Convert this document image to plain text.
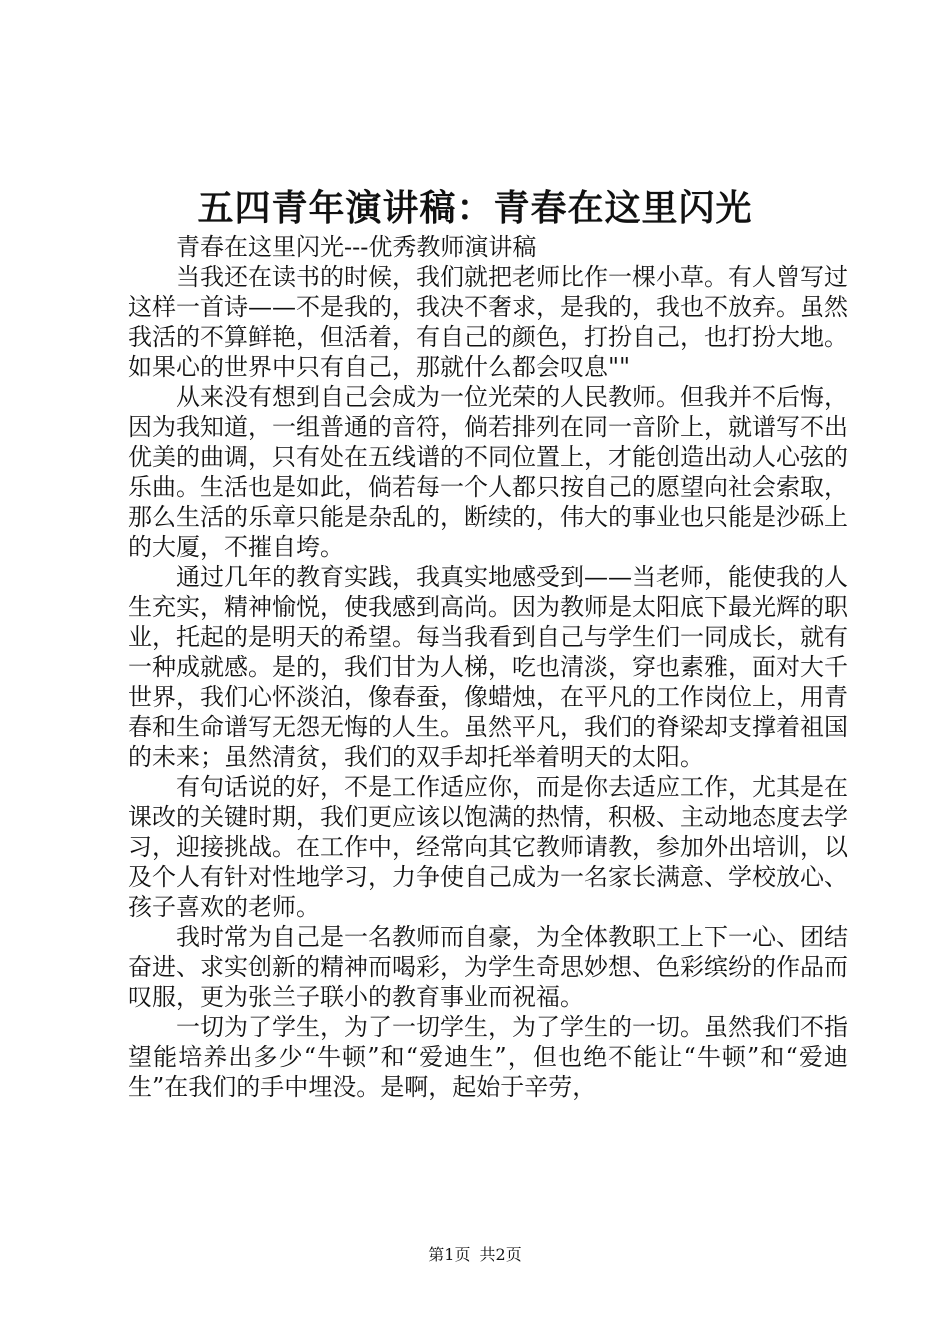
五四青年演讲稿：青春在这里闪光

青春在这里闪光---优秀教师演讲稿

当我还在读书的时候，我们就把老师比作一棵小草。有人曾写过这样一首诗——不是我的，我决不奢求，是我的，我也不放弃。虽然我活的不算鲜艳，但活着，有自己的颜色，打扮自己，也打扮大地。如果心的世界中只有自己，那就什么都会叹息""

从来没有想到自己会成为一位光荣的人民教师。但我并不后悔，因为我知道，一组普通的音符，倘若排列在同一音阶上，就谱写不出优美的曲调，只有处在五线谱的不同位置上，才能创造出动人心弦的乐曲。生活也是如此，倘若每一个人都只按自己的愿望向社会索取，那么生活的乐章只能是杂乱的，断续的，伟大的事业也只能是沙砾上的大厦，不摧自垮。

通过几年的教育实践，我真实地感受到——当老师，能使我的人生充实，精神愉悦，使我感到高尚。因为教师是太阳底下最光辉的职业，托起的是明天的希望。每当我看到自己与学生们一同成长，就有一种成就感。是的，我们甘为人梯，吃也清淡，穿也素雅，面对大千世界，我们心怀淡泊，像春蚕，像蜡烛，在平凡的工作岗位上，用青春和生命谱写无怨无悔的人生。虽然平凡，我们的脊梁却支撑着祖国的未来；虽然清贫，我们的双手却托举着明天的太阳。

有句话说的好，不是工作适应你，而是你去适应工作，尤其是在课改的关键时期，我们更应该以饱满的热情，积极、主动地态度去学习，迎接挑战。在工作中，经常向其它教师请教，参加外出培训，以及个人有针对性地学习，力争使自己成为一名家长满意、学校放心、孩子喜欢的老师。

我时常为自己是一名教师而自豪，为全体教职工上下一心、团结奋进、求实创新的精神而喝彩，为学生奇思妙想、色彩缤纷的作品而叹服，更为张兰子联小的教育事业而祝福。

一切为了学生，为了一切学生，为了学生的一切。虽然我们不指望能培养出多少“牛顿”和“爱迪生”，但也绝不能让“牛顿”和“爱迪生”在我们的手中埋没。是啊，起始于辛劳，

第1页 共2页
